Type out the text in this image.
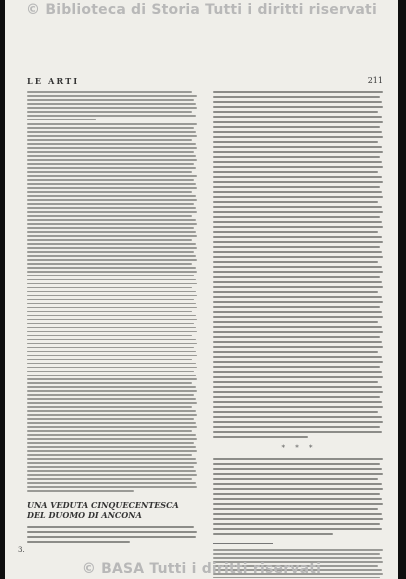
© Biblioteca di Storia Tutti i diritti riservati
LE ARTI	211
UNA VEDUTA CINQUECENTESCA
DEL DUOMO DI ANCONA
* * *
3.
© BASA Tutti i diritti riservati
